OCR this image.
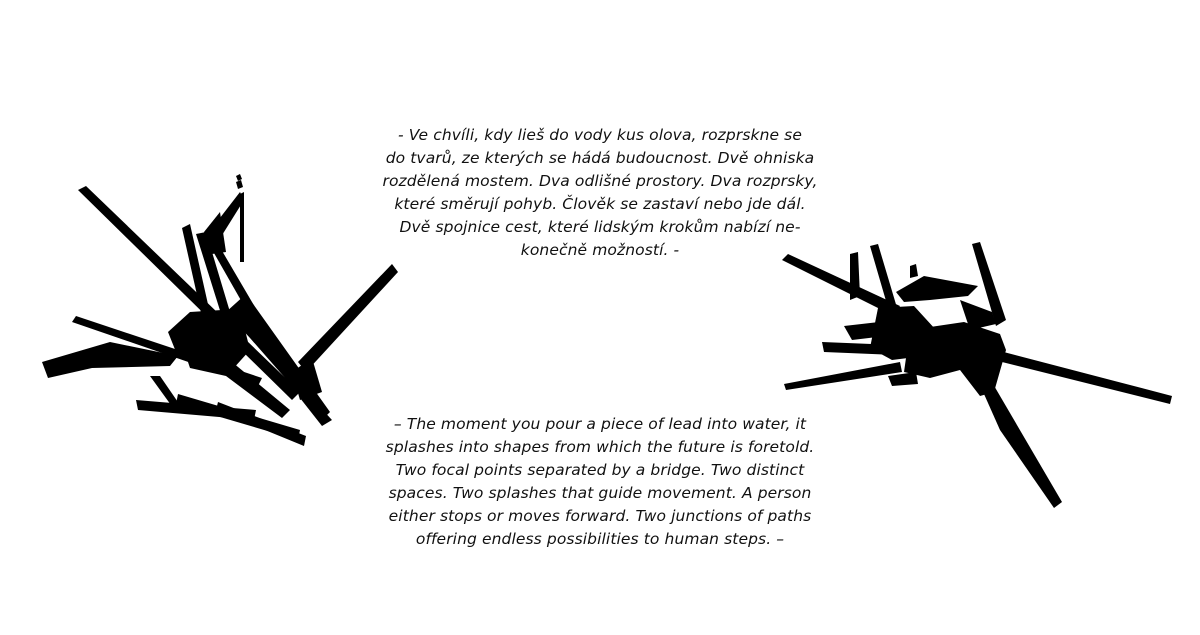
- Ve chvíli, kdy lieš do vody kus olova, rozprskne se
do tvarů, ze kterých se hádá budoucnost. Dvě ohniska
rozdělená mostem. Dva odlišné prostory. Dva rozprsky,
které směrují pohyb. Člověk se zastaví nebo jde dál.
Dvě spojnice cest, které lidským krokům nabízí ne-
konečně možností. -
– The moment you pour a piece of lead into water, it
splashes into shapes from which the future is foretold.
Two focal points separated by a bridge. Two distinct
spaces. Two splashes that guide movement. A person
either stops or moves forward. Two junctions of paths
offering endless possibilities to human steps. –
